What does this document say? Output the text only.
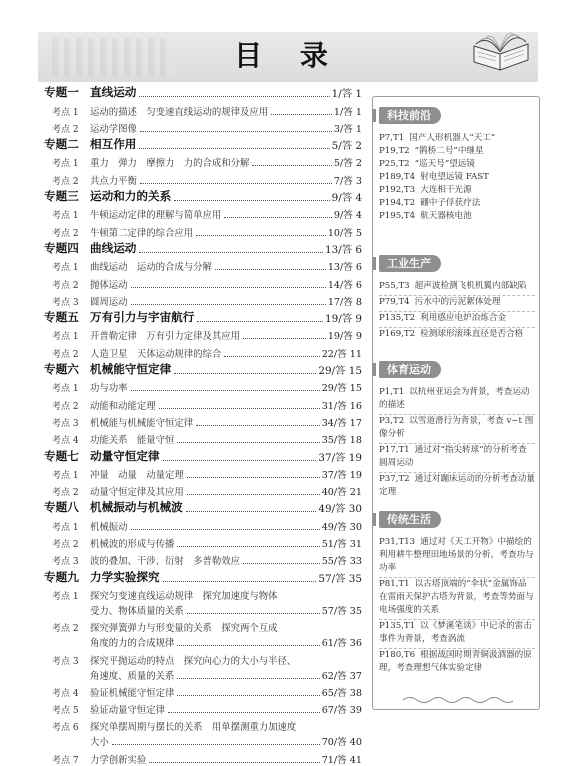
目 录
专题一 直线运动	1/答 1
考点 1	运动的描述　匀变速直线运动的规律及应用	1/答 1
考点 2	运动学图像	3/答 1
专题二 相互作用	5/答 2
考点 1	重力　弹力　摩擦力　力的合成和分解	5/答 2
考点 2	共点力平衡	7/答 3
专题三 运动和力的关系	9/答 4
考点 1	牛顿运动定律的理解与简单应用	9/答 4
考点 2	牛顿第二定律的综合应用	10/答 5
专题四 曲线运动	13/答 6
考点 1	曲线运动　运动的合成与分解	13/答 6
考点 2	抛体运动	14/答 6
考点 3	圆周运动	17/答 8
专题五 万有引力与宇宙航行	19/答 9
考点 1	开普勒定律　万有引力定律及其应用	19/答 9
考点 2	人造卫星　天体运动规律的综合	22/答 11
专题六 机械能守恒定律	29/答 15
考点 1	功与功率	29/答 15
考点 2	动能和动能定理	31/答 16
考点 3	机械能与机械能守恒定律	34/答 17
考点 4	功能关系　能量守恒	35/答 18
专题七 动量守恒定律	37/答 19
考点 1	冲量　动量　动量定理	37/答 19
考点 2	动量守恒定律及其应用	40/答 21
专题八 机械振动与机械波	49/答 30
考点 1	机械振动	49/答 30
考点 2	机械波的形成与传播	51/答 31
考点 3	波的叠加、干涉、衍射　多普勒效应	55/答 33
专题九 力学实验探究	57/答 35
考点 1	探究匀变速直线运动规律　探究加速度与物体
受力、物体质量的关系	57/答 35
考点 2	探究弹簧弹力与形变量的关系　探究两个互成
角度的力的合成规律	61/答 36
考点 3	探究平抛运动的特点　探究向心力的大小与半径、
角速度、质量的关系	62/答 37
考点 4	验证机械能守恒定律	65/答 38
考点 5	验证动量守恒定律	67/答 39
考点 6	探究单摆周期与摆长的关系　用单摆测重力加速度
大小	70/答 40
考点 7	力学创新实验	71/答 41
科技前沿
P7,T1 国产人形机器人“天工”
P19,T2 “鹊桥二号”中继星
P25,T2 “巡天号”望远镜
P189,T4 射电望远镜 FAST
P192,T3 大连相干光源
P194,T2 硼中子俘获疗法
P195,T4 航天器核电池
工业生产
P55,T3 超声波检测飞机机翼内部缺陷
P79,T4 污水中的污泥絮体处理
P135,T2 利用感应电炉冶炼合金
P169,T2 检测球形滚珠直径是否合格
体育运动
P1,T1 以杭州亚运会为背景，考查运动的描述
P3,T2 以雪道滑行为背景，考查 v−t 图像分析
P17,T1 通过对“指尖转球”的分析考查圆周运动
P37,T2 通过对蹦床运动的分析考查动量定理
传统生活
P31,T13 通过对《天工开物》中描绘的利用耕牛整理田地场景的分析，考查功与功率
P81,T1 以古塔顶端的“伞状”金属饰品在雷雨天保护古塔为背景，考查等势面与电场强度的关系
P135,T1 以《梦溪笔谈》中记录的雷击事件为背景，考查涡流
P180,T6 根据战国时期青铜汲酒器的原理，考查理想气体实验定律
